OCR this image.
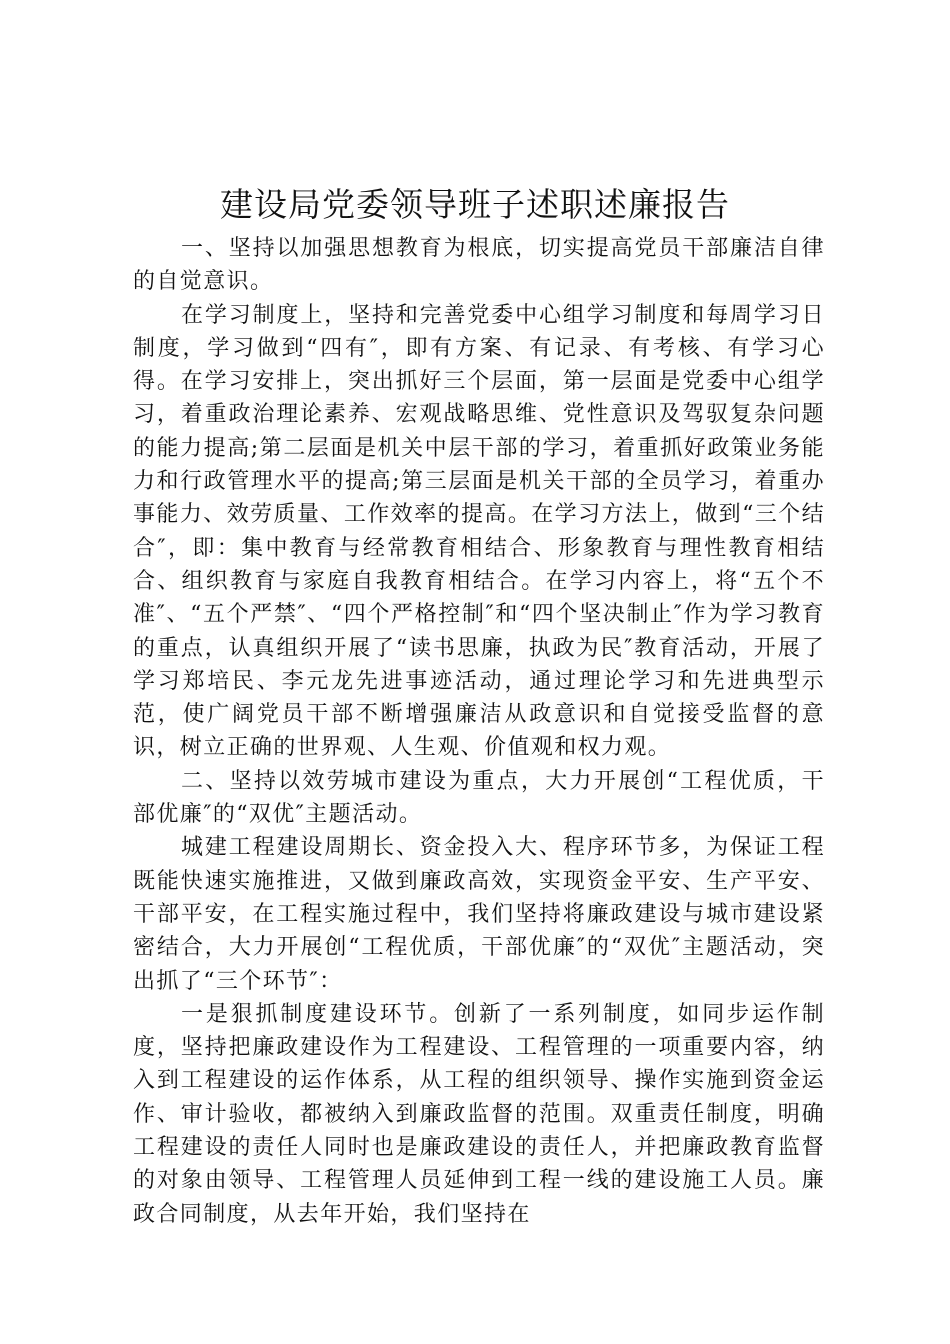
建设局党委领导班子述职述廉报告

一、坚持以加强思想教育为根底，切实提高党员干部廉洁自律的自觉意识。

在学习制度上，坚持和完善党委中心组学习制度和每周学习日制度，学习做到“四有″，即有方案、有记录、有考核、有学习心得。在学习安排上，突出抓好三个层面，第一层面是党委中心组学习，着重政治理论素养、宏观战略思维、党性意识及驾驭复杂问题的能力提高;第二层面是机关中层干部的学习，着重抓好政策业务能力和行政管理水平的提高;第三层面是机关干部的全员学习，着重办事能力、效劳质量、工作效率的提高。在学习方法上，做到“三个结合″，即：集中教育与经常教育相结合、形象教育与理性教育相结合、组织教育与家庭自我教育相结合。在学习内容上，将“五个不准″、“五个严禁″、“四个严格控制″和“四个坚决制止″作为学习教育的重点，认真组织开展了“读书思廉，执政为民″教育活动，开展了学习郑培民、李元龙先进事迹活动，通过理论学习和先进典型示范，使广阔党员干部不断增强廉洁从政意识和自觉接受监督的意识，树立正确的世界观、人生观、价值观和权力观。

二、坚持以效劳城市建设为重点，大力开展创“工程优质，干部优廉″的“双优″主题活动。

城建工程建设周期长、资金投入大、程序环节多，为保证工程既能快速实施推进，又做到廉政高效，实现资金平安、生产平安、干部平安，在工程实施过程中，我们坚持将廉政建设与城市建设紧密结合，大力开展创“工程优质，干部优廉″的“双优″主题活动，突出抓了“三个环节″：

一是狠抓制度建设环节。创新了一系列制度，如同步运作制度，坚持把廉政建设作为工程建设、工程管理的一项重要内容，纳入到工程建设的运作体系，从工程的组织领导、操作实施到资金运作、审计验收，都被纳入到廉政监督的范围。双重责任制度，明确工程建设的责任人同时也是廉政建设的责任人，并把廉政教育监督的对象由领导、工程管理人员延伸到工程一线的建设施工人员。廉政合同制度，从去年开始，我们坚持在
